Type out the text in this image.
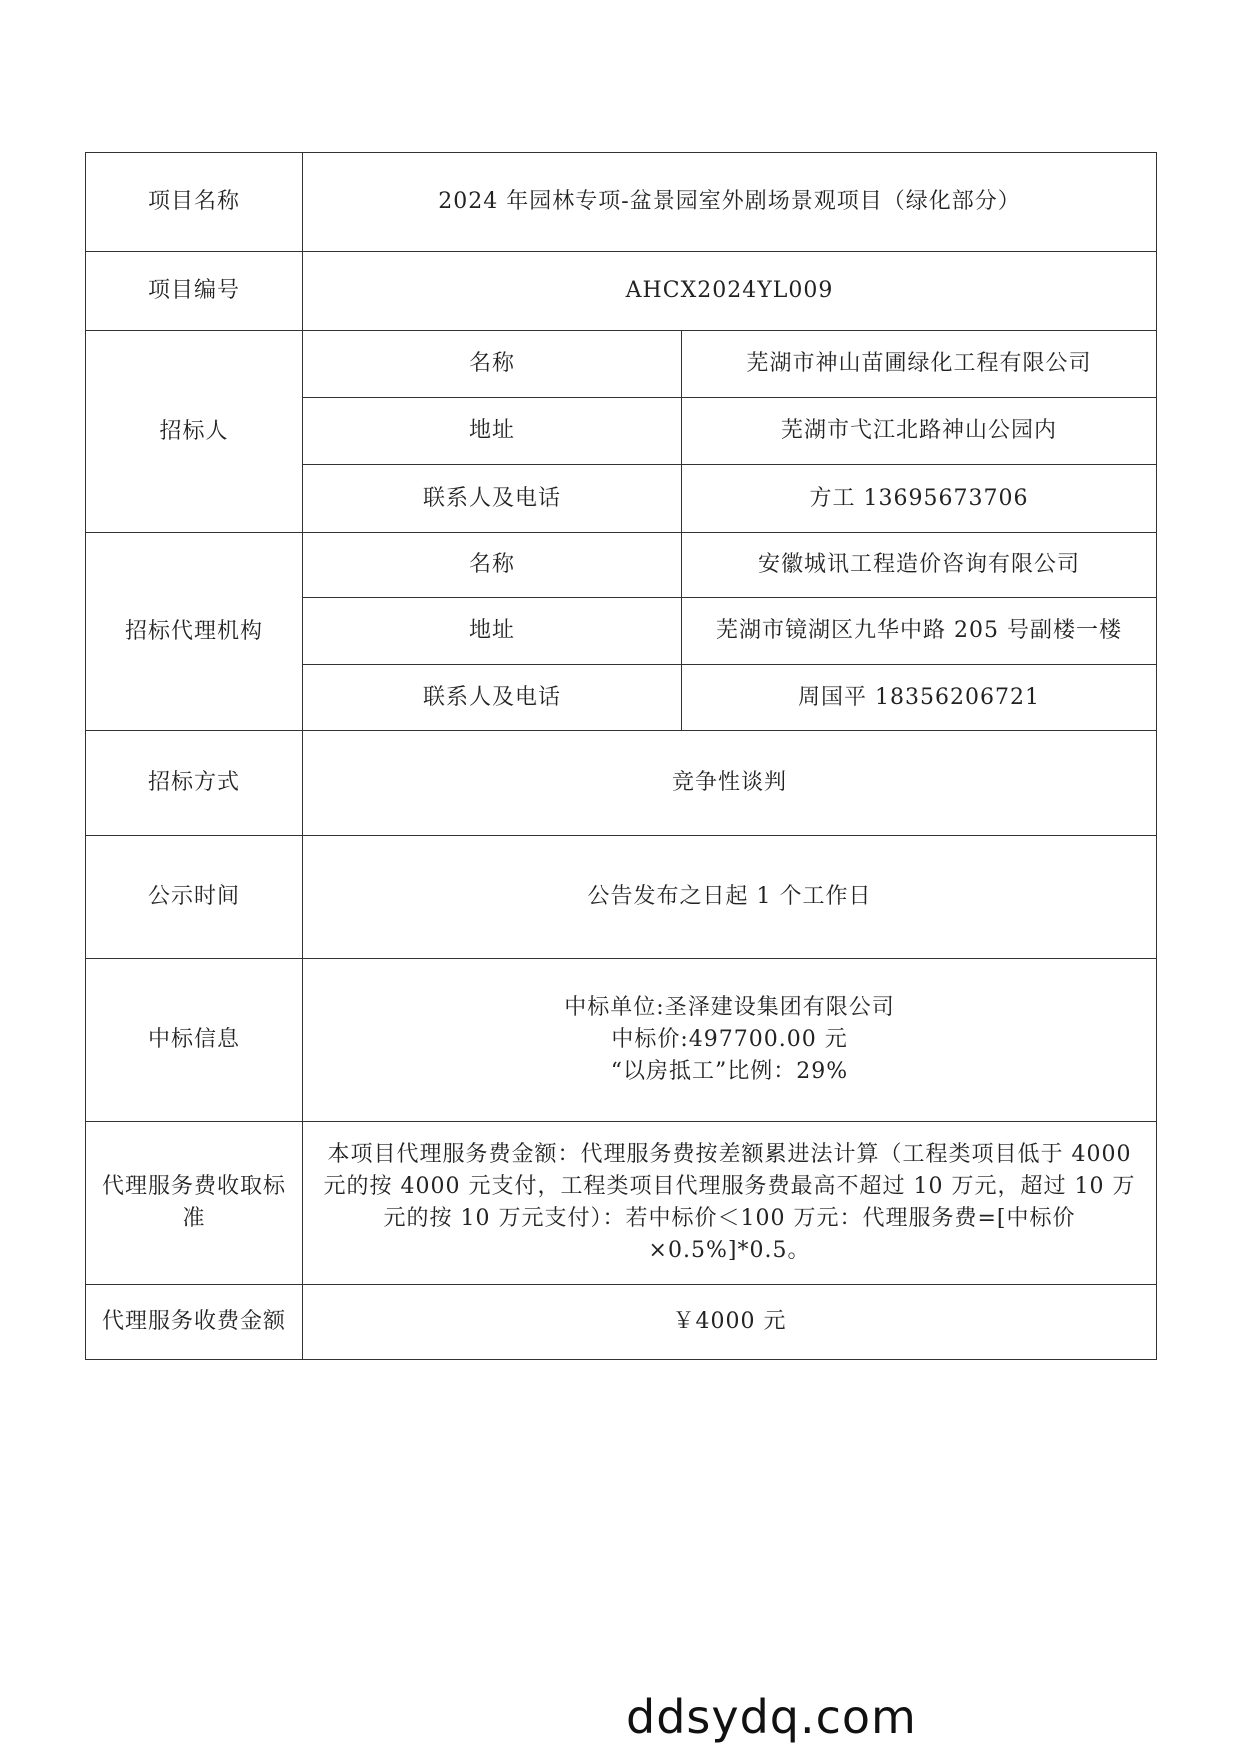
项目名称	2024 年园林专项-盆景园室外剧场景观项目（绿化部分）	
项目编号	AHCX2024YL009	
招标人	名称	芜湖市神山苗圃绿化工程有限公司
	地址	芜湖市弋江北路神山公园内
	联系人及电话	方工 13695673706
招标代理机构	名称	安徽城讯工程造价咨询有限公司
	地址	芜湖市镜湖区九华中路 205 号副楼一楼
	联系人及电话	周国平 18356206721
招标方式	竞争性谈判	
公示时间	公告发布之日起 1 个工作日	
中标信息	中标单位:圣泽建设集团有限公司
中标价:497700.00 元
“以房抵工”比例：29%	

代理服务费收取标准	本项目代理服务费金额：代理服务费按差额累进法计算（工程类项目低于 4000 元的按 4000 元支付，工程类项目代理服务费最高不超过 10 万元，超过 10 万元的按 10 万元支付）：若中标价＜100 万元：代理服务费=[中标价×0.5%]*0.5。	
代理服务收费金额	￥4000 元	
ddsydq.com
